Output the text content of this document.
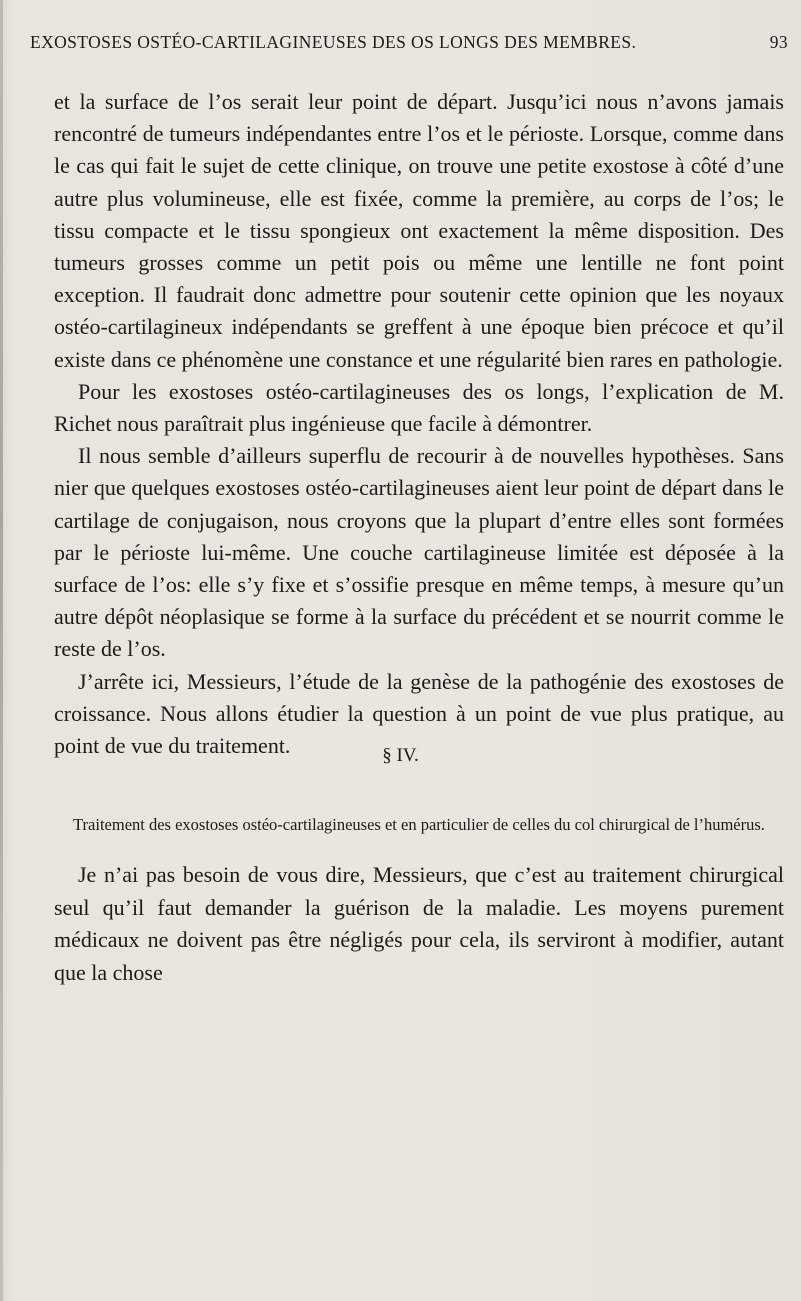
EXOSTOSES OSTÉO-CARTILAGINEUSES DES OS LONGS DES MEMBRES.	93

et la surface de l’os serait leur point de départ. Jusqu’ici nous n’avons jamais rencontré de tumeurs indépendantes entre l’os et le périoste. Lorsque, comme dans le cas qui fait le sujet de cette clinique, on trouve une petite exostose à côté d’une autre plus volumineuse, elle est fixée, comme la première, au corps de l’os; le tissu compacte et le tissu spongieux ont exactement la même disposition. Des tumeurs grosses comme un petit pois ou même une lentille ne font point exception. Il faudrait donc admettre pour soutenir cette opinion que les noyaux ostéo-cartilagineux indépendants se greffent à une époque bien précoce et qu’il existe dans ce phénomène une constance et une régularité bien rares en pathologie.

Pour les exostoses ostéo-cartilagineuses des os longs, l’explication de M. Richet nous paraîtrait plus ingénieuse que facile à démontrer.

Il nous semble d’ailleurs superflu de recourir à de nouvelles hypothèses. Sans nier que quelques exostoses ostéo-cartilagineuses aient leur point de départ dans le cartilage de conjugaison, nous croyons que la plupart d’entre elles sont formées par le périoste lui-même. Une couche cartilagineuse limitée est déposée à la surface de l’os: elle s’y fixe et s’ossifie presque en même temps, à mesure qu’un autre dépôt néoplasique se forme à la surface du précédent et se nourrit comme le reste de l’os.

J’arrête ici, Messieurs, l’étude de la genèse de la pathogénie des exostoses de croissance. Nous allons étudier la question à un point de vue plus pratique, au point de vue du traitement.	§ IV.
Traitement des exostoses ostéo-cartilagineuses et en particulier de celles du col chirurgical de l’humérus.

Je n’ai pas besoin de vous dire, Messieurs, que c’est au traitement chirurgical seul qu’il faut demander la guérison de la maladie. Les moyens purement médicaux ne doivent pas être négligés pour cela, ils serviront à modifier, autant que la chose
